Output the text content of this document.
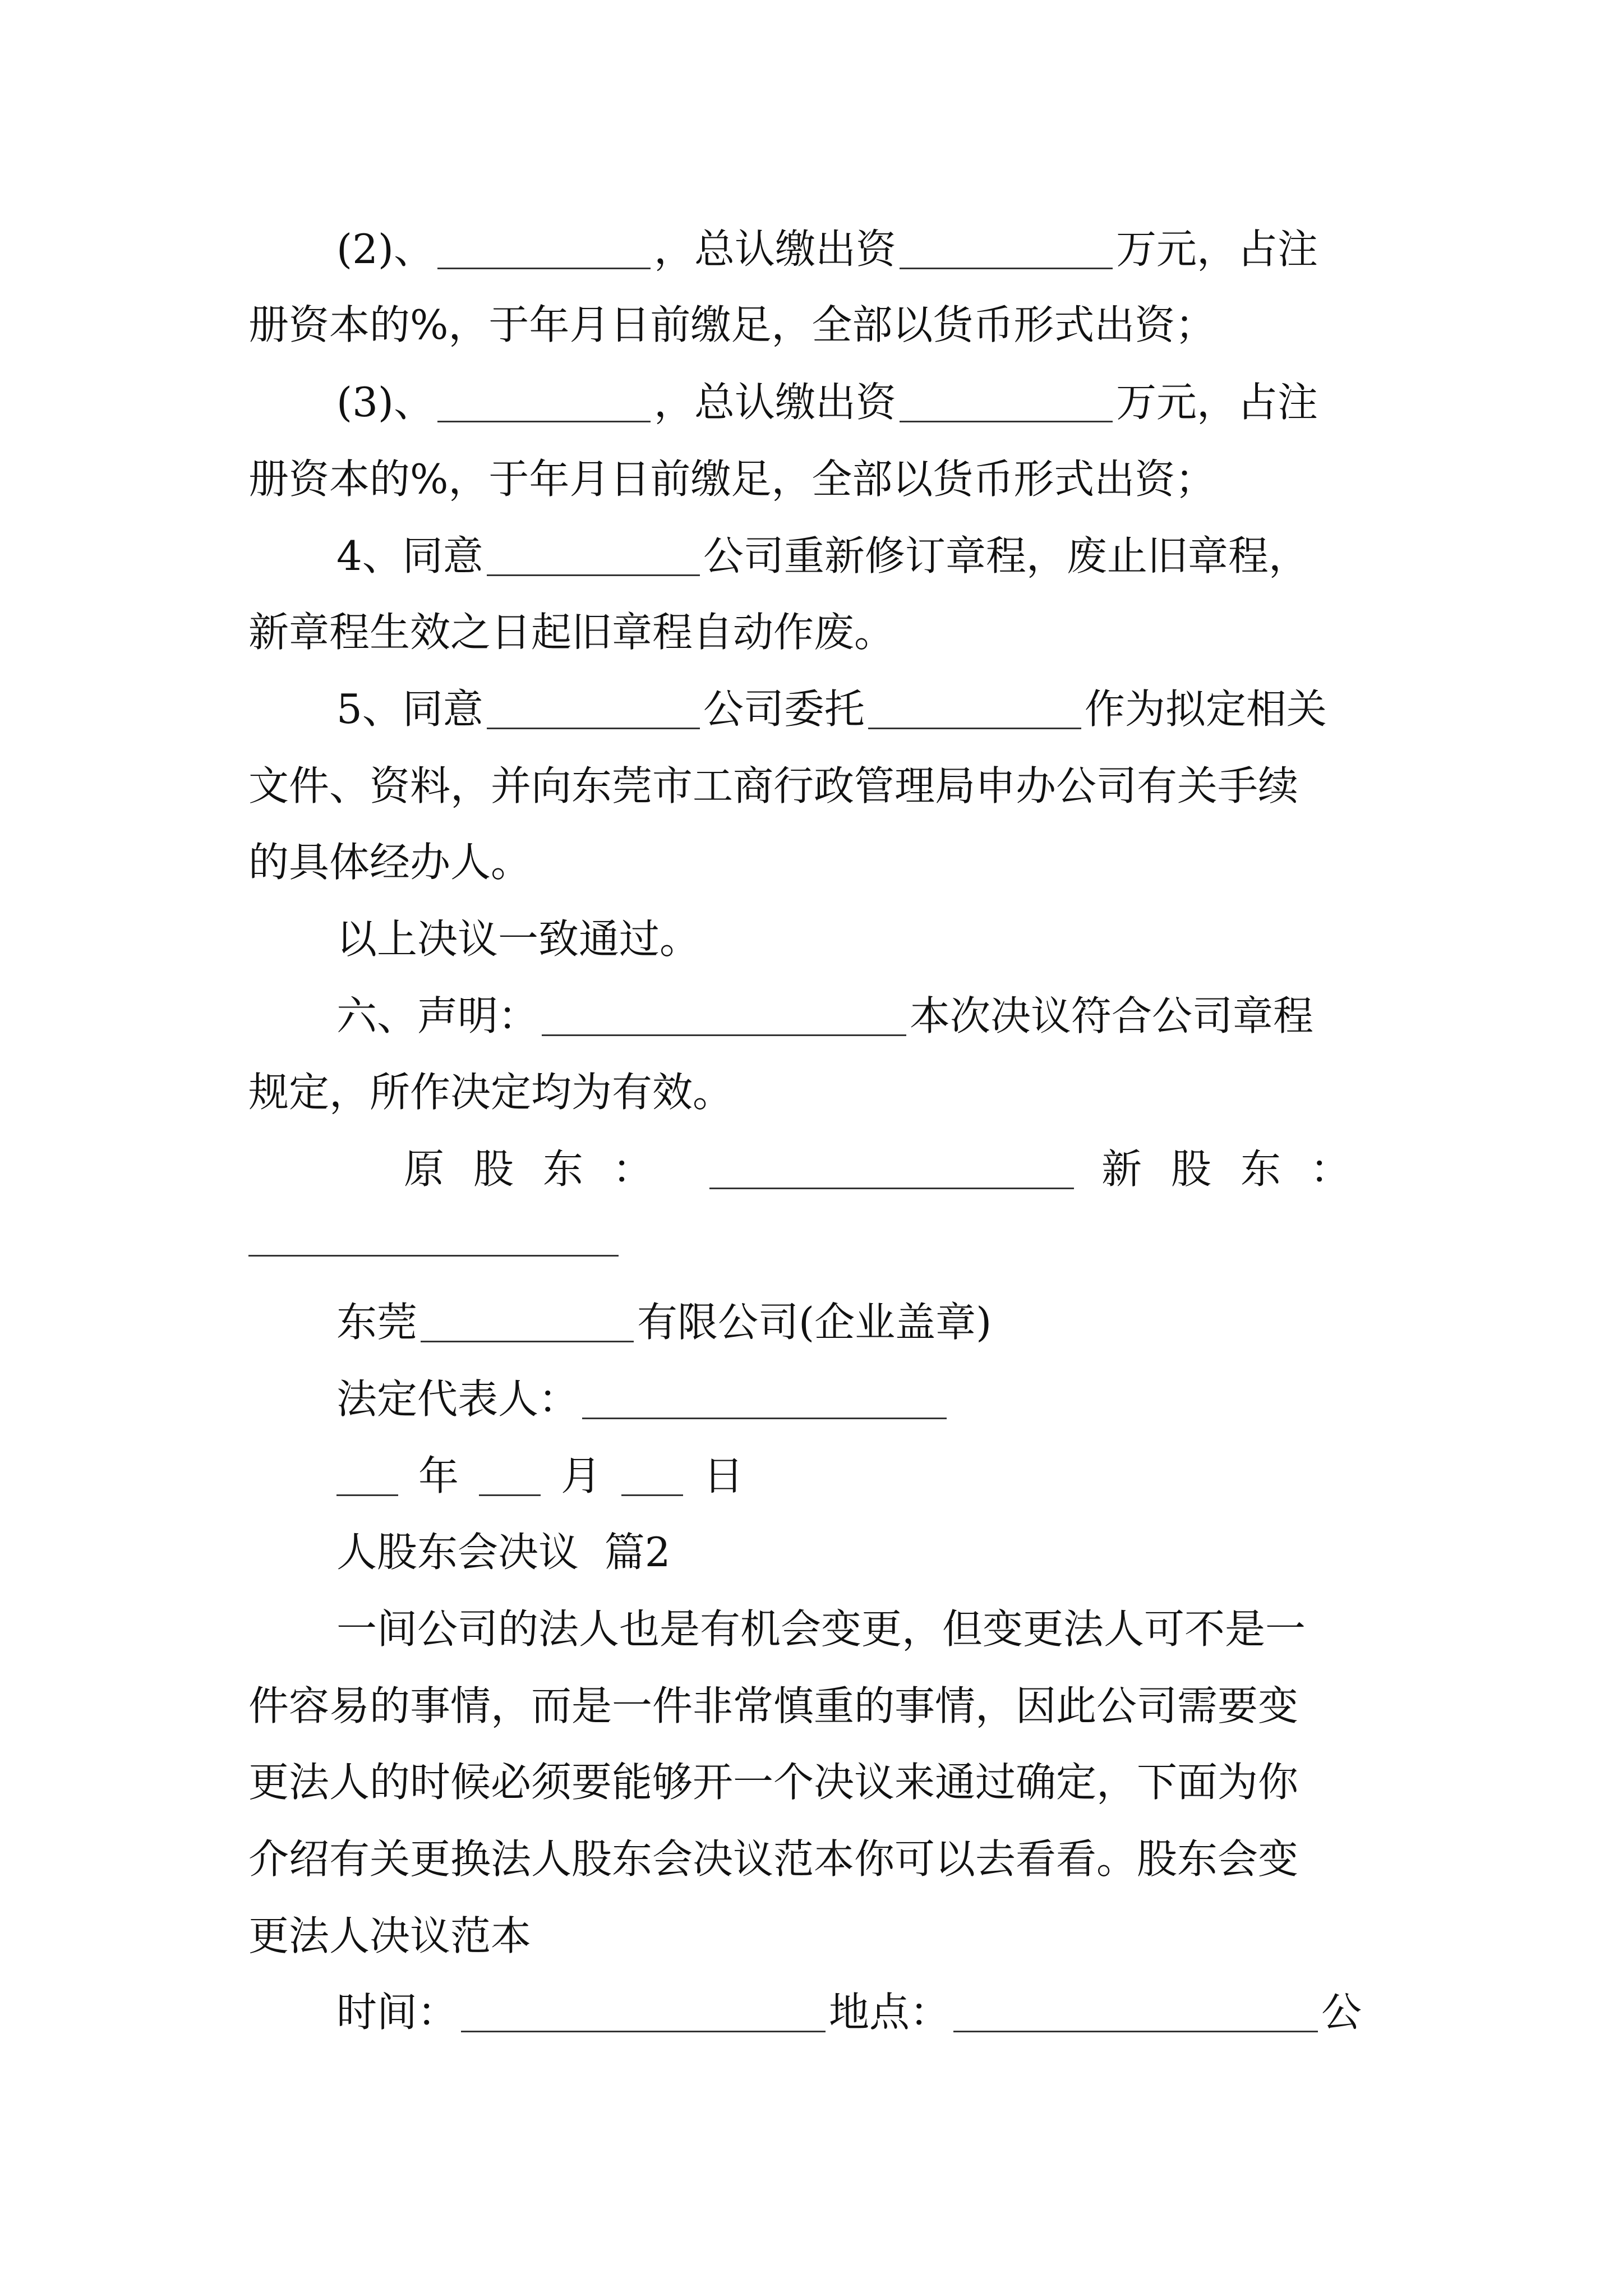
(2)、	，总认缴出资	万元，占注
册资本的%，于年月日前缴足，全部以货币形式出资；
(3)、	，总认缴出资	万元，占注
册资本的%，于年月日前缴足，全部以货币形式出资；
4、同意	公司重新修订章程，废止旧章程，
新章程生效之日起旧章程自动作废。
5、同意	公司委托	作为拟定相关
文件、资料，并向东莞市工商行政管理局申办公司有关手续
的具体经办人。
以上决议一致通过。
六、声明：	本次决议符合公司章程
规定，所作决定均为有效。
原股东：	新股东：
东莞	有限公司(企业盖章)
法定代表人：
年	月	日
人股东会决议  篇2
一间公司的法人也是有机会变更，但变更法人可不是一
件容易的事情，而是一件非常慎重的事情，因此公司需要变
更法人的时候必须要能够开一个决议来通过确定，下面为你
介绍有关更换法人股东会决议范本你可以去看看。股东会变
更法人决议范本
时间：	地点：	公
